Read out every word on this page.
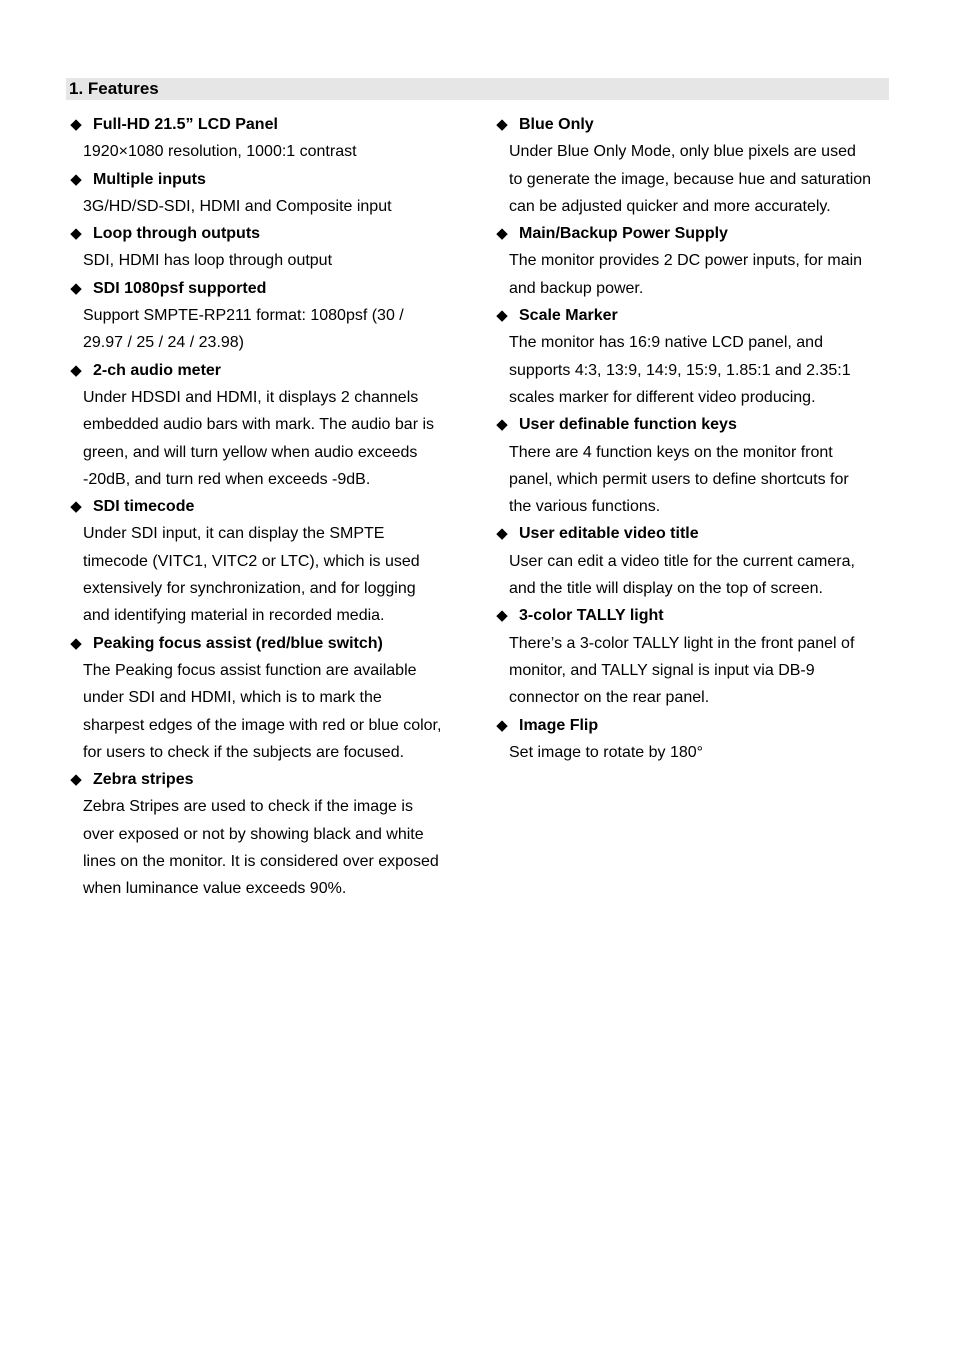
1. Features
◆ Full-HD 21.5” LCD Panel
1920×1080 resolution, 1000:1 contrast
◆ Multiple inputs
3G/HD/SD-SDI, HDMI and Composite input
◆ Loop through outputs
SDI, HDMI has loop through output
◆ SDI 1080psf supported
Support SMPTE-RP211 format: 1080psf (30 /
29.97 / 25 / 24 / 23.98)
◆ 2-ch audio meter
Under HDSDI and HDMI, it displays 2 channels
embedded audio bars with mark. The audio bar is
green, and will turn yellow when audio exceeds
-20dB, and turn red when exceeds -9dB.
◆ SDI timecode
Under SDI input, it can display the SMPTE
timecode (VITC1, VITC2 or LTC), which is used
extensively for synchronization, and for logging
and identifying material in recorded media.
◆ Peaking focus assist (red/blue switch)
The Peaking focus assist function are available
under SDI and HDMI, which is to mark the
sharpest edges of the image with red or blue color,
for users to check if the subjects are focused.
◆ Zebra stripes
Zebra Stripes are used to check if the image is
over exposed or not by showing black and white
lines on the monitor. It is considered over exposed
when luminance value exceeds 90%.
◆ Blue Only
Under Blue Only Mode, only blue pixels are used
to generate the image, because hue and saturation
can be adjusted quicker and more accurately.
◆ Main/Backup Power Supply
The monitor provides 2 DC power inputs, for main
and backup power.
◆ Scale Marker
The monitor has 16:9 native LCD panel, and
supports 4:3, 13:9, 14:9, 15:9, 1.85:1 and 2.35:1
scales marker for different video producing.
◆ User definable function keys
There are 4 function keys on the monitor front
panel, which permit users to define shortcuts for
the various functions.
◆ User editable video title
User can edit a video title for the current camera,
and the title will display on the top of screen.
◆ 3-color TALLY light
There’s a 3-color TALLY light in the front panel of
monitor, and TALLY signal is input via DB-9
connector on the rear panel.
◆ Image Flip
Set image to rotate by 180°
